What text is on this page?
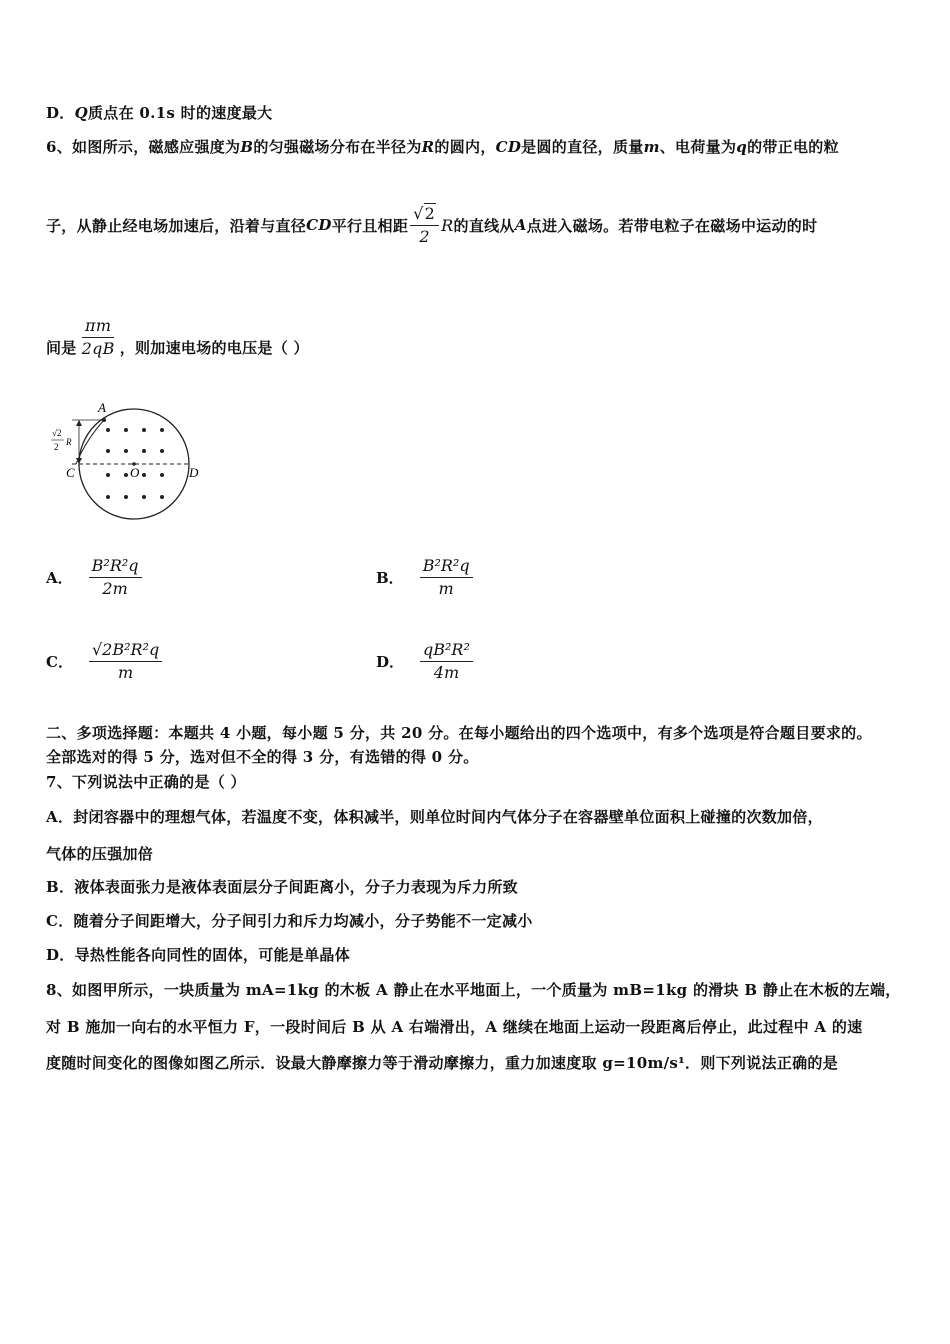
D．Q质点在 0.1s 时的速度最大
6、如图所示，磁感应强度为B的匀强磁场分布在半径为R的圆内，CD是圆的直径，质量m、电荷量为q的带正电的粒
子，从静止经电场加速后，沿着与直径 CD 平行且相距 $\frac{√2}{2}$ R 的直线从 A 点进入磁场。若带电粒子在磁场中运动的时
间是 $\frac{\pi m}{2qB}$ ，则加速电场的电压是（ ）
A
C	O	D
√2
2 R
A． $\frac{\text{B²R²q}}{2m}$	B． $\frac{\text{B²R²q}}{m}$
C． $\frac{\text{√2B²R²q}}{m}$	D． $\frac{\text{qB²R²}}{4m}$
二、多项选择题：本题共 4 小题，每小题 5 分，共 20 分。在每小题给出的四个选项中，有多个选项是符合题目要求的。
全部选对的得 5 分，选对但不全的得 3 分，有选错的得 0 分。
7、下列说法中正确的是（ ）
A．封闭容器中的理想气体，若温度不变，体积减半，则单位时间内气体分子在容器壁单位面积上碰撞的次数加倍，
气体的压强加倍
B．液体表面张力是液体表面层分子间距离小，分子力表现为斥力所致
C．随着分子间距增大，分子间引力和斥力均减小，分子势能不一定减小
D．导热性能各向同性的固体，可能是单晶体
8、如图甲所示，一块质量为 mA=1kg 的木板 A 静止在水平地面上，一个质量为 mB=1kg 的滑块 B 静止在木板的左端，
对 B 施加一向右的水平恒力 F，一段时间后 B 从 A 右端滑出，A 继续在地面上运动一段距离后停止，此过程中 A 的速
度随时间变化的图像如图乙所示．设最大静摩擦力等于滑动摩擦力，重力加速度取 g=10m/s¹．则下列说法正确的是
